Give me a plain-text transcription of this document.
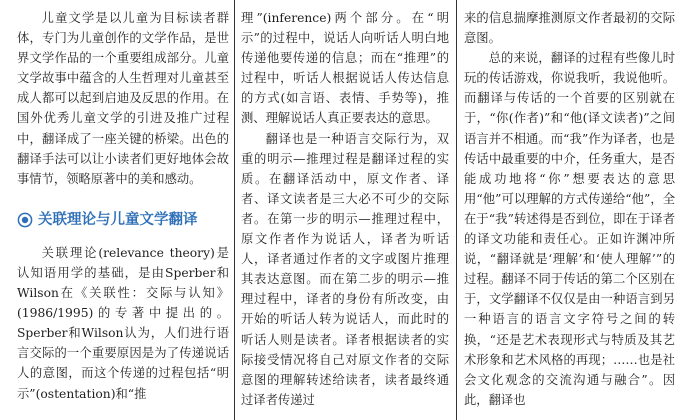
儿童文学是以儿童为目标读者群体，专门为儿童创作的文学作品，是世界文学作品的一个重要组成部分。儿童文学故事中蕴含的人生哲理对儿童甚至成人都可以起到启迪及反思的作用。在国外优秀儿童文学的引进及推广过程中，翻译成了一座关键的桥梁。出色的翻译手法可以让小读者们更好地体会故事情节，领略原著中的美和感动。

关联理论与儿童文学翻译

关联理论(relevance theory)是认知语用学的基础，是由Sperber和Wilson在《关联性：交际与认知》(1986/1995)的专著中提出的。Sperber和Wilson认为，人们进行语言交际的一个重要原因是为了传递说话人的意图，而这个传递的过程包括“明示”(ostentation)和“推

理”(inference)两个部分。在“明示”的过程中，说话人向听话人明白地传递他要传递的信息；而在“推理”的过程中，听话人根据说话人传达信息的方式(如言语、表情、手势等)，推测、理解说话人真正要表达的意思。

翻译也是一种语言交际行为，双重的明示—推理过程是翻译过程的实质。在翻译活动中，原文作者、译者、译文读者是三大必不可少的交际者。在第一步的明示—推理过程中，原文作者作为说话人，译者为听话人，译者通过作者的文字或图片推理其表达意图。而在第二步的明示—推理过程中，译者的身份有所改变，由开始的听话人转为说话人，而此时的听话人则是读者。译者根据读者的实际接受情况将自己对原文作者的交际意图的理解转述给读者，读者最终通过译者传递过

来的信息揣摩推测原文作者最初的交际意图。

总的来说，翻译的过程有些像儿时玩的传话游戏，你说我听，我说他听。而翻译与传话的一个首要的区别就在于，“你(作者)”和“他(译文读者)”之间语言并不相通。而“我”作为译者，也是传话中最重要的中介，任务重大，是否能成功地将“你”想要表达的意思用“他”可以理解的方式传递给“他”，全在于“我”转述得是否到位，即在于译者的译文功能和责任心。正如许渊冲所说，“翻译就是‘理解’和‘使人理解’”的过程。翻译不同于传话的第二个区别在于，文学翻译不仅仅是由一种语言到另一种语言的语言文字符号之间的转换，“还是艺术表现形式与特质及其艺术形象和艺术风格的再现；……也是社会文化观念的交流沟通与融合”。因此，翻译也
